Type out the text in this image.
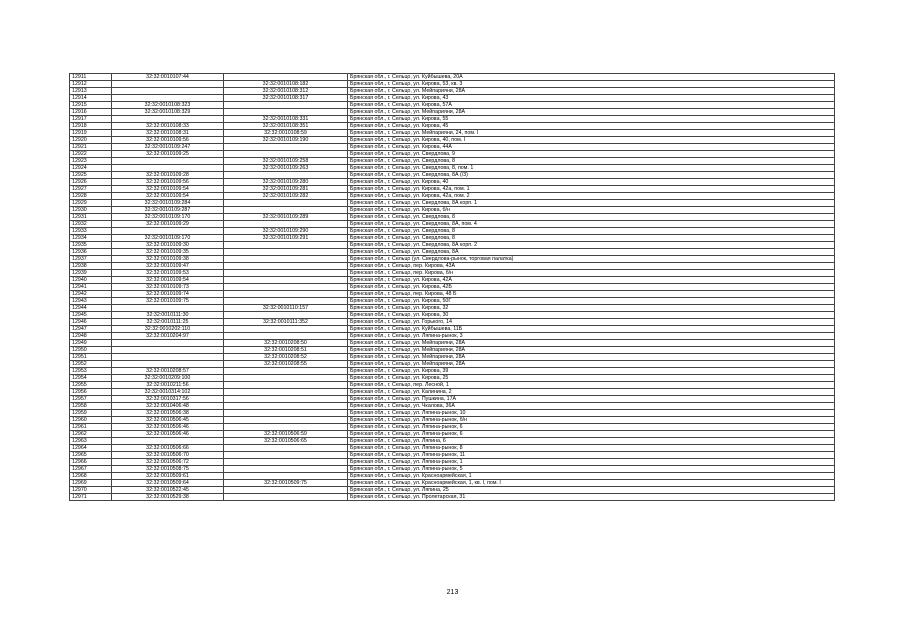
12911	32:32:0010107:44		Брянская обл., г. Сельцо, ул. Куйбышева, 20А
12912		32:32:0010108:182	Брянская обл., г. Сельцо, ул. Кирова, 53, кв. 3
12913		32:32:0010108:312	Брянская обл., г. Сельцо, ул. Мейпарияни, 28А
12914		32:32:0010108:317	Брянская обл., г. Сельцо, ул. Кирова, 43
12915	32:32:0010108:323		Брянская обл., г. Сельцо, ул. Кирова, 57А
12916	32:32:0010108:329		Брянская обл., г. Сельцо, ул. Мейпарияни, 28А
12917		32:32:0010108:331	Брянская обл., г. Сельцо, ул. Кирова, 55
12918	32:32:0010108:33	32:32:0010108:351	Брянская обл., г. Сельцо, ул. Кирова, 45
12919	32:32:0010108:31	32:32:0010108:59	Брянская обл., г. Сельцо, ул. Мейпарияни, 24, пом. I
12920	32:32:0010109:56	32:32:0010109:190	Брянская обл., г. Сельцо, ул. Кирова, 40, пом. I
12921	32:32:0010109:247		Брянская обл., г. Сельцо, ул. Кирова, 44А
12922	32:32:0010109:25		Брянская обл., г. Сельцо, ул. Свердлова, 9
12923		32:32:0010109:258	Брянская обл., г. Сельцо, ул. Свердлова, 8
12924		32:32:0010109:263	Брянская обл., г. Сельцо, ул. Свердлова, 8, пом. 1
12925	32:32:0010109:28		Брянская обл., г. Сельцо, ул. Свердлова, 8А (/3)
12926	32:32:0010109:56	32:32:0010109:280	Брянская обл., г. Сельцо, ул. Кирова, 40
12927	32:32:0010109:54	32:32:0010109:281	Брянская обл., г. Сельцо, ул. Кирова, 42а, пом. 1
12928	32:32:0010109:54	32:32:0010109:282	Брянская обл., г. Сельцо, ул. Кирова, 42а, пом. 2
12929	32:32:0010109:284		Брянская обл., г. Сельцо, ул. Свердлова, 8А корп. 1
12930	32:32:0010109:287		Брянская обл., г. Сельцо, ул. Кирова, б/н
12931	32:32:0010109:170	32:32:0010109:289	Брянская обл., г. Сельцо, ул. Свердлова, 8
12932	32:32:0010109:29		Брянская обл., г. Сельцо, ул. Свердлова, 8А, пом. 4
12933		32:32:0010109:290	Брянская обл., г. Сельцо, ул. Свердлова, 8
12934	32:32:0010109:170	32:32:0010109:291	Брянская обл., г. Сельцо, ул. Свердлова, 8
12935	32:32:0010109:30		Брянская обл., г. Сельцо, ул. Свердлова, 8А корп. 2
12936	32:32:0010109:35		Брянская обл., г. Сельцо, ул. Свердлова, 8А
12937	32:32:0010109:38		Брянская обл., г. Сельцо (ул. Свердлова-рынок, торговая палатка)
12938	32:32:0010109:47		Брянская обл., г. Сельцо, пер. Кирова, 43А
12939	32:32:0010109:53		Брянская обл., г. Сельцо, пер. Кирова, б/н
12940	32:32:0010109:54		Брянская обл., г. Сельцо, ул. Кирова, 42А
12941	32:32:0010109:73		Брянская обл., г. Сельцо, ул. Кирова, 42Б
12942	32:32:0010109:74		Брянская обл., г. Сельцо, пер. Кирова, 48 Б
12943	32:32:0010109:75		Брянская обл., г. Сельцо, ул. Кирова, 50Г
12944		32:32:0010110:157	Брянская обл., г. Сельцо, ул. Кирова, 32
12945	32:32:0010111:30		Брянская обл., г. Сельцо, ул. Кирова, 30
12946	32:32:0010111:25	32:32:0010111:352	Брянская обл., г. Сельцо, ул. Горького, 14
12947	32:32:0010202:110		Брянская обл., г. Сельцо, ул. Куйбышева, 11Б
12948	32:32:0010204:97		Брянская обл., г. Сельцо, ул. Ляпина-рынок, 3
12949		32:32:0010208:50	Брянская обл., г. Сельцо, ул. Мейпарияни, 28А
12950		32:32:0010208:51	Брянская обл., г. Сельцо, ул. Мейпарияни, 28А
12951		32:32:0010208:52	Брянская обл., г. Сельцо, ул. Мейпарияни, 28А
12952		32:32:0010208:55	Брянская обл., г. Сельцо, ул. Мейпарияни, 28А
12953	32:32:0010208:57		Брянская обл., г. Сельцо, ул. Кирова, 39
12954	32:32:0010209:100		Брянская обл., г. Сельцо, ул. Кирова, 25
12955	32:32:0010211:56		Брянская обл., г. Сельцо, пер. Лесной, 1
12956	32:32:0010314:102		Брянская обл., г. Сельцо, ул. Калинина, 2
12957	32:32:0010317:56		Брянская обл., г. Сельцо, ул. Пушкина, 17А
12958	32:32:0010406:48		Брянская обл., г. Сельцо, ул. Чкалова, 36А
12959	32:32:0010506:38		Брянская обл., г. Сельцо, ул. Ляпина-рынок, 10
12960	32:32:0010506:45		Брянская обл., г. Сельцо, ул. Ляпина-рынок, б/н
12961	32:32:0010506:46		Брянская обл., г. Сельцо, ул. Ляпина-рынок, 6
12962	32:32:0010506:46	32:32:0010506:59	Брянская обл., г. Сельцо, ул. Ляпина-рынок, 6
12963		32:32:0010506:65	Брянская обл., г. Сельцо, ул. Ляпина, 6
12964	32:32:0010506:66		Брянская обл., г. Сельцо, ул. Ляпина-рынок, 8
12965	32:32:0010506:70		Брянская обл., г. Сельцо, ул. Ляпина-рынок, 11
12966	32:32:0010506:72		Брянская обл., г. Сельцо, ул. Ляпина-рынок, 1
12967	32:32:0010508:75		Брянская обл., г. Сельцо, ул. Ляпина-рынок, 5
12968	32:32:0010509:61		Брянская обл., г. Сельцо, ул. Красноармейская, 1
12969	32:32:0010509:64	32:32:0010509:75	Брянская обл., г. Сельцо, ул. Красноармейская, 1, кв. I, пом. I
12970	32:32:0010522:45		Брянская обл., г. Сельцо, ул. Ляпина, 25
12971	32:32:0010529:38		Брянская обл., г. Сельцо, ул. Пролетарская, 31
213
